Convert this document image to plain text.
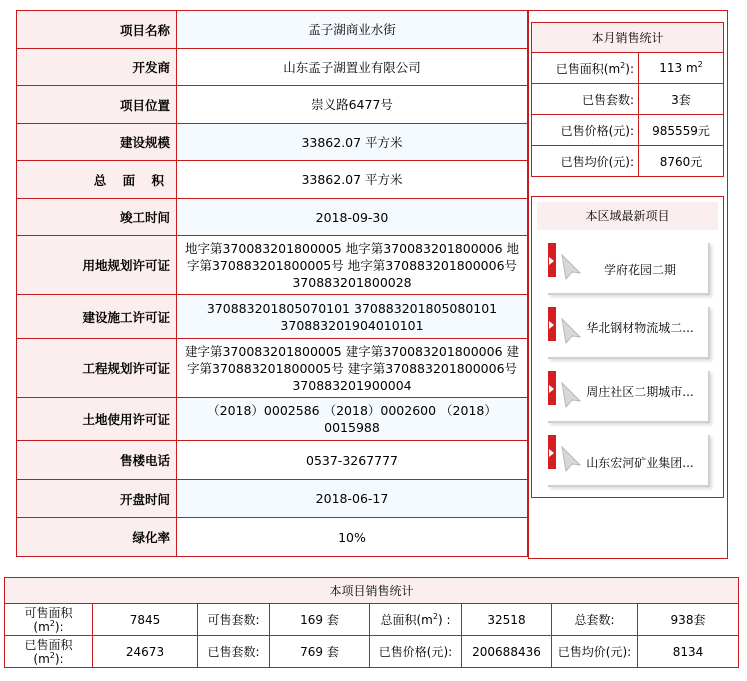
项目名称	孟子湖商业水街
开发商	山东孟子湖置业有限公司
项目位置	崇义路6477号
建设规模	33862.07 平方米
总 面 积	33862.07 平方米
竣工时间	2018-09-30
用地规划许可证	地字第370083201800005 地字第370083201800006 地字第370883201800005号 地字第370883201800006号 370883201800028
建设施工许可证	370883201805070101 370883201805080101 370883201904010101
工程规划许可证	建字第370083201800005 建字第370083201800006 建字第370883201800005号 建字第370883201800006号 370883201900004
土地使用许可证	（2018）0002586 （2018）0002600 （2018）0015988
售楼电话	0537-3267777
开盘时间	2018-06-17
绿化率	10%
本月销售统计	
已售面积$(m^2)$:	113 $m^2$
已售套数:	3套
已售价格(元):	985559元
已售均价(元):	8760元
本区域最新项目
学府花园二期
华北钢材物流城二...
周庄社区二期城市...
山东宏河矿业集团...
本项目销售统计							
可售面积
$(m^2)$:	7845	可售套数:	169 套	总面积$(m^2)$ :	32518	总套数:	938套
已售面积
$(m^2)$:	24673	已售套数:	769 套	已售价格(元):	200688436	已售均价(元):	8134
